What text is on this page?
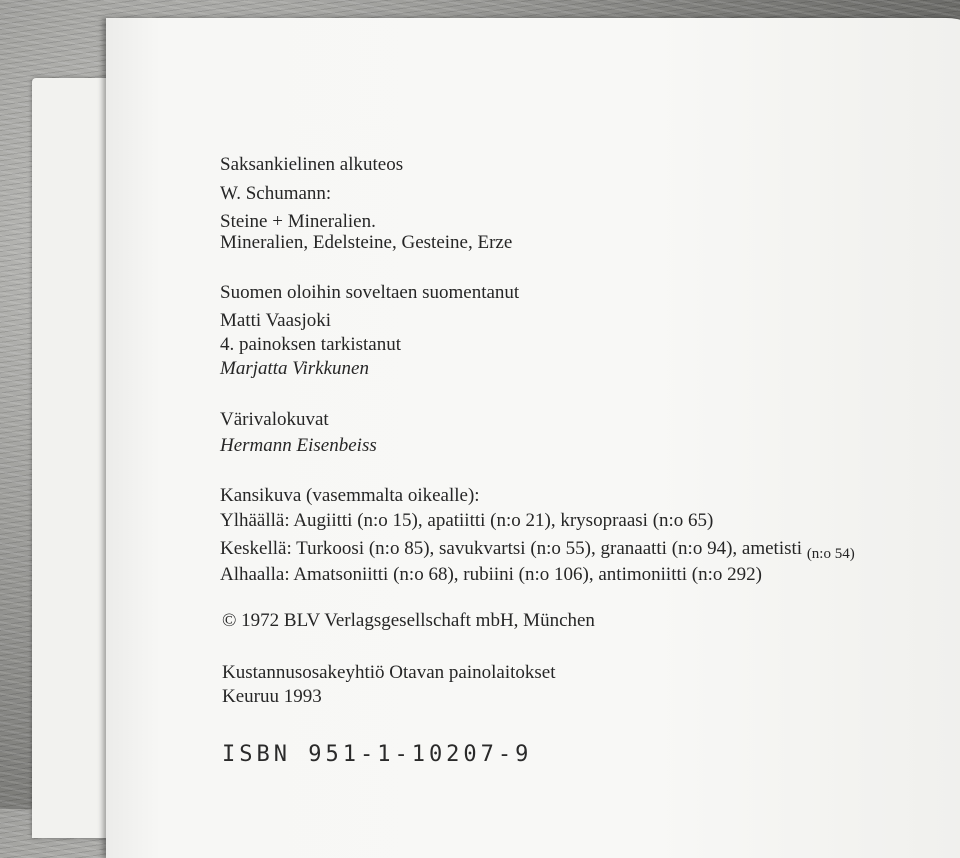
Saksankielinen alkuteos

W. Schumann:

Steine + Mineralien.

Mineralien, Edelsteine, Gesteine, Erze

Suomen oloihin soveltaen suomentanut

Matti Vaasjoki

4. painoksen tarkistanut

Marjatta Virkkunen

Värivalokuvat

Hermann Eisenbeiss

Kansikuva (vasemmalta oikealle):

Ylhäällä: Augiitti (n:o 15), apatiitti (n:o 21), krysopraasi (n:o 65)

Keskellä: Turkoosi (n:o 85), savukvartsi (n:o 55), granaatti (n:o 94), ametisti $_{(n:o 54)}$

Alhaalla: Amatsoniitti (n:o 68), rubiini (n:o 106), antimoniitti (n:o 292)

© 1972 BLV Verlagsgesellschaft mbH, München

Kustannusosakeyhtiö Otavan painolaitokset

Keuruu 1993

ISBN 951-1-10207-9
